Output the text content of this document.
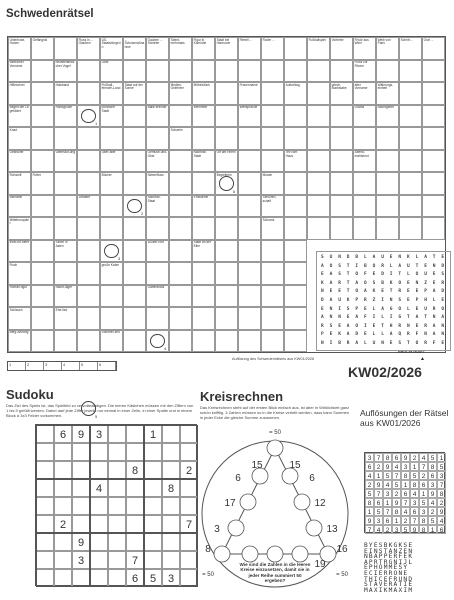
Schwedenrätsel
Unterhose, Hoden
Gefängnis	Fluss in ... Glauben
US-Staatsbürgerin
... Schutzmaßnahme
Gauben ... Schiefer
Talent-mehrmals
Figur in Komödie
Stadt bei Hannover
Rebell ...	Ruder ...	Fußballspiel	Vorbeter	Frisör aus Wien
Weib von Paris
Schritt ...	Graf ...
weiblicher Vorname
neuseeländischer Vogel
Obst	Fluss zur Rhone
Hilfeschrei	Halsband	Fußball-fernseh-Land
Staat auf der Sonne
Medien-Gelehrter
Möbelstück	Frauenname	Aufschlag	griech. Buchstabe
alter Vorname
Währungs-einheit
Begriff der Lit. gebildet
Handgrütze	polnische Stadt
Bälle-erfinder	Weinrebe	Weltsprache	Drama	Nachtgebet
Kraut	Schwein
Geldsorte	Überhäuf-ung	Über-aller	Gemüse-und-Obst
Nachbar-Stadt
Ort am Rhein	Teil vom Haus
Abend-mahlsbrot
Rohstoff	Futter	Bücher	Nebenfluss	Begleiterin	Muster
Beiname	Zeitalter	Nachbar-Staat
Erdwärme	Senioren-schaft
Mitteleuropäer
Schrank
Insel-im-Meer	Strom in Asien
Zucker-rohr	Stadt an der Elbe
Fisch	große Katze
Roman-figur	Nacht-lager	Gartenhaus
Schlauch	Ehe-lied
Berg-Abhang	Sommer-zeit
1
2
3
4
5
6
1	2	3	4	5	6
Auflösung des Schwedenrätsels aus KW01/2026	▲
FRUCHTNAFT
S U N D B L A U E N K L A T E
A O S T I B O R L A U T E N D
E A S T O F E D I T L O U E S
K A R T A O S B K O E N Z E R
N E E T O A K E T R E E P A D
D A U K P R Z I N S E P H L E
E N I S P E L A G O L E U R O
A N N E A F I L I G T A T N A
R S E A O I E T H R N E R A N
P E K A D E L L A Q R F N A N
N I B R A L U N E S T O R F E
KW02/2026
Sudoku
Das Ziel des Spiels ist, das Spielfeld zu vervollständigen. Die leeren Kästchen müssen mit den Ziffern von 1 bis 9 gefüllt werden. Dabei darf jede Ziffer jeweils nur einmal in einer Zeile, in einer Spalte und in einem Block à 3x3 Felder vorkommen.
6	9	3	1
8	2
4	8
2	7
9
3	7
6	5	3
Kreisrechnen
Das Kreisrechnen steht auf der ersten Blick einfach aus, ist aber in Wirklichkeit ganz schön knifflig. 3 Zahlen müssen so in die Kreise verteilt werden, dass kann Summen in jeder Ecke die gleiche Summe zusammen.
= 50
= 50	= 50
15	15
6	6
17	12
3	13
8	16
19
Wie sind die Zahlen in die leeren Kreise einzusetzen, damit sie in jeder Reihe summiert 50 ergeben?
Auflösungen der Rätsel aus KW01/2026
3 7 8 6 9 2 4 5 1
6 2 9 4 3 1 7 8 5
4 1 5 7 8 5 2 6 3
2 9 4 5 1 8 6 3 7
5 7 3 2 6 4 1 9 8
8 6 1 9 7 3 5 4 2
1 5 7 8 4 6 3 2 9
9 3 6 1 2 7 8 5 4
7 4 2 3 5 9 8 1 6
BYESBKGKSE
EINSTANZEN
NBAPPERFEK
APRTRGNIJL
EPHOMMESY
ECIERRONE
THICEFRUND
STAVERATIE
MAXIKMAXIM
